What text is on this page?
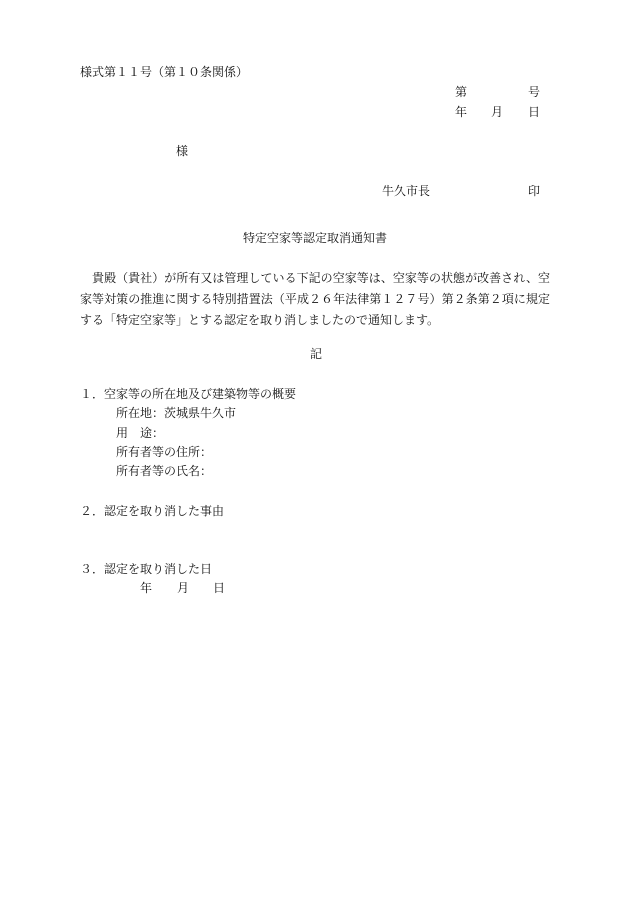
様式第１１号（第１０条関係）
第	号
年 月 日
様
牛久市長	印
特定空家等認定取消通知書
　貴殿（貴社）が所有又は管理している下記の空家等は、空家等の状態が改善され、空家等対策の推進に関する特別措置法（平成２６年法律第１２７号）第２条第２項に規定する「特定空家等」とする認定を取り消しましたので通知します。
記
１．空家等の所在地及び建築物等の概要
所在地：茨城県牛久市
用　途：
所有者等の住所：
所有者等の氏名：
２．認定を取り消した事由
３．認定を取り消した日
年 月 日
